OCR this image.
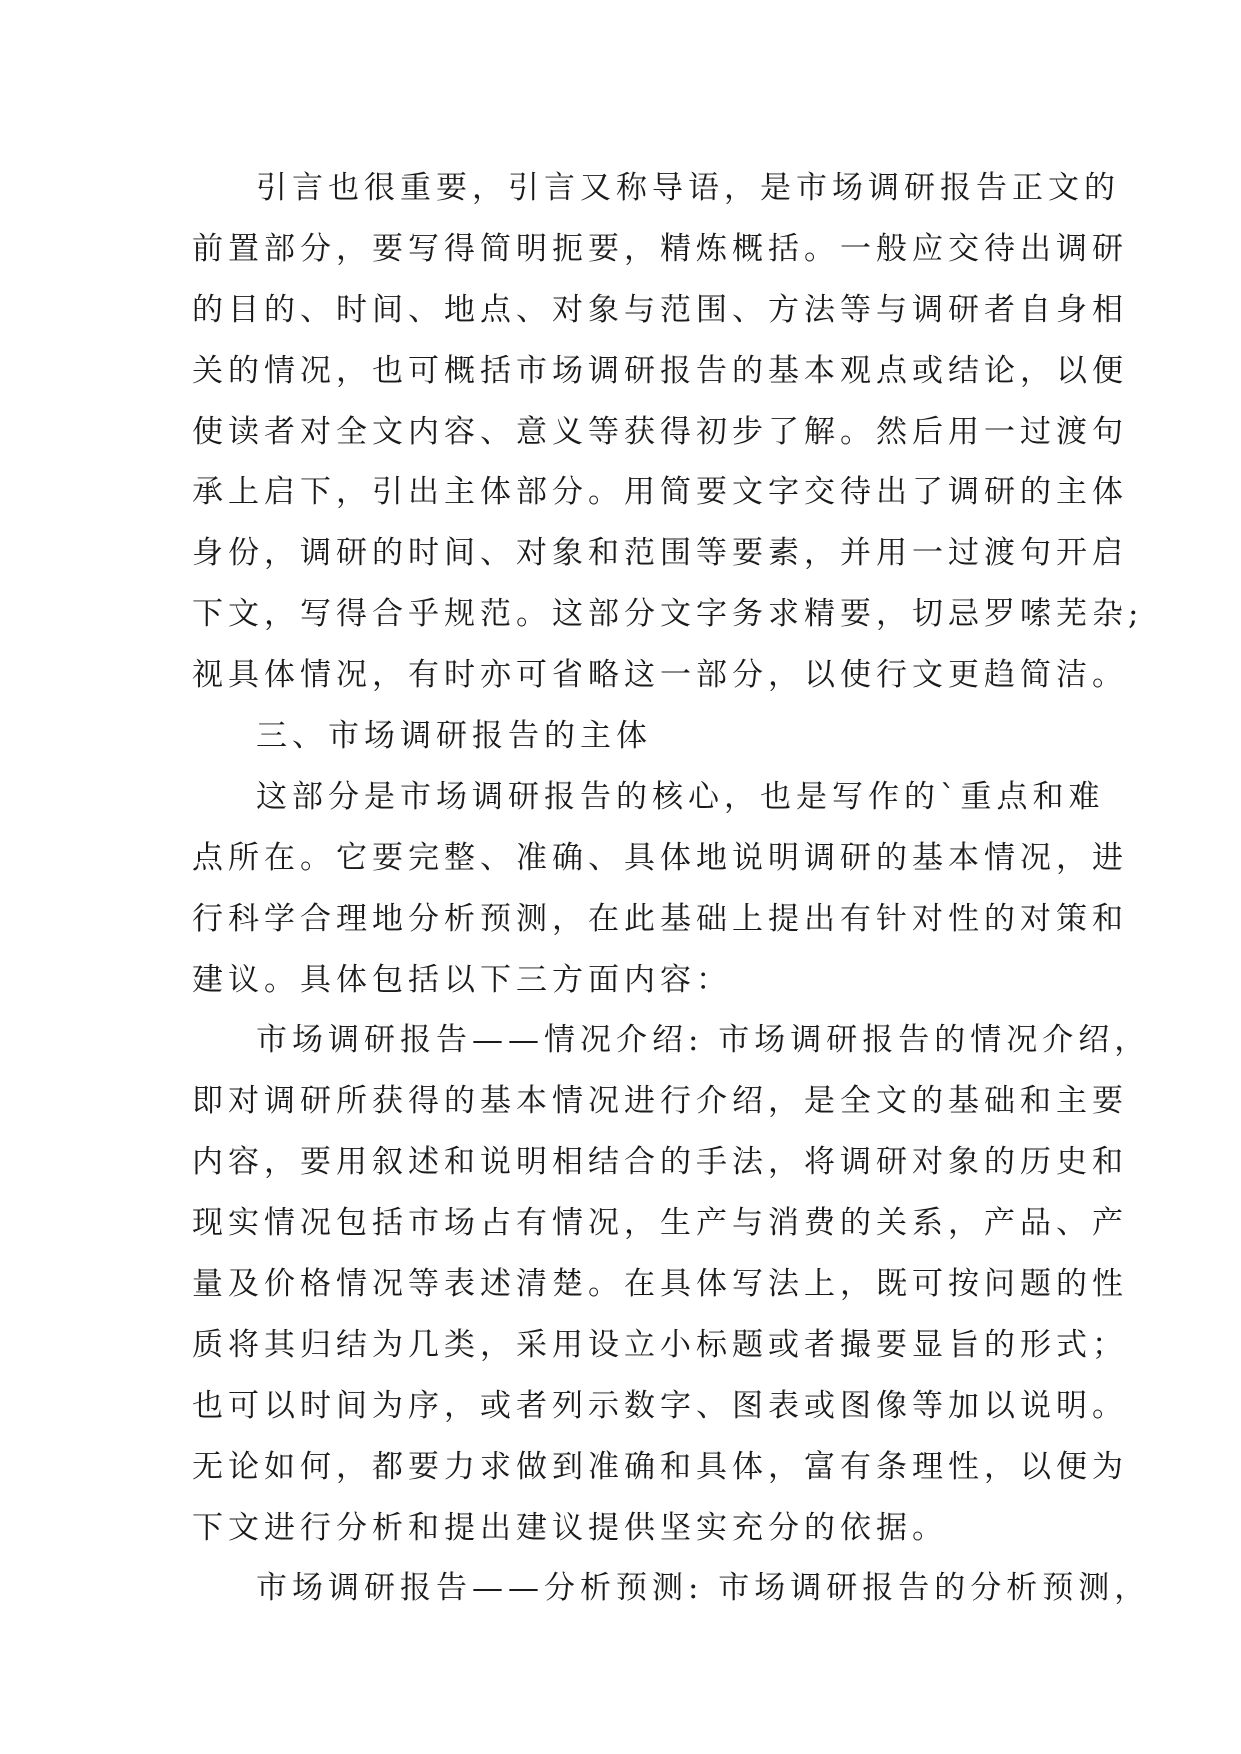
引言也很重要，引言又称导语，是市场调研报告正文的
前置部分，要写得简明扼要，精炼概括。一般应交待出调研
的目的、时间、地点、对象与范围、方法等与调研者自身相
关的情况，也可概括市场调研报告的基本观点或结论，以便
使读者对全文内容、意义等获得初步了解。然后用一过渡句
承上启下，引出主体部分。用简要文字交待出了调研的主体
身份，调研的时间、对象和范围等要素，并用一过渡句开启
下文，写得合乎规范。这部分文字务求精要，切忌罗嗦芜杂;
视具体情况，有时亦可省略这一部分，以使行文更趋简洁。
三、市场调研报告的主体
这部分是市场调研报告的核心，也是写作的`重点和难
点所在。它要完整、准确、具体地说明调研的基本情况，进
行科学合理地分析预测，在此基础上提出有针对性的对策和
建议。具体包括以下三方面内容：
市场调研报告——情况介绍: 市场调研报告的情况介绍，
即对调研所获得的基本情况进行介绍，是全文的基础和主要
内容，要用叙述和说明相结合的手法，将调研对象的历史和
现实情况包括市场占有情况，生产与消费的关系，产品、产
量及价格情况等表述清楚。在具体写法上，既可按问题的性
质将其归结为几类，采用设立小标题或者撮要显旨的形式；
也可以时间为序，或者列示数字、图表或图像等加以说明。
无论如何，都要力求做到准确和具体，富有条理性，以便为
下文进行分析和提出建议提供坚实充分的依据。
市场调研报告——分析预测: 市场调研报告的分析预测，
